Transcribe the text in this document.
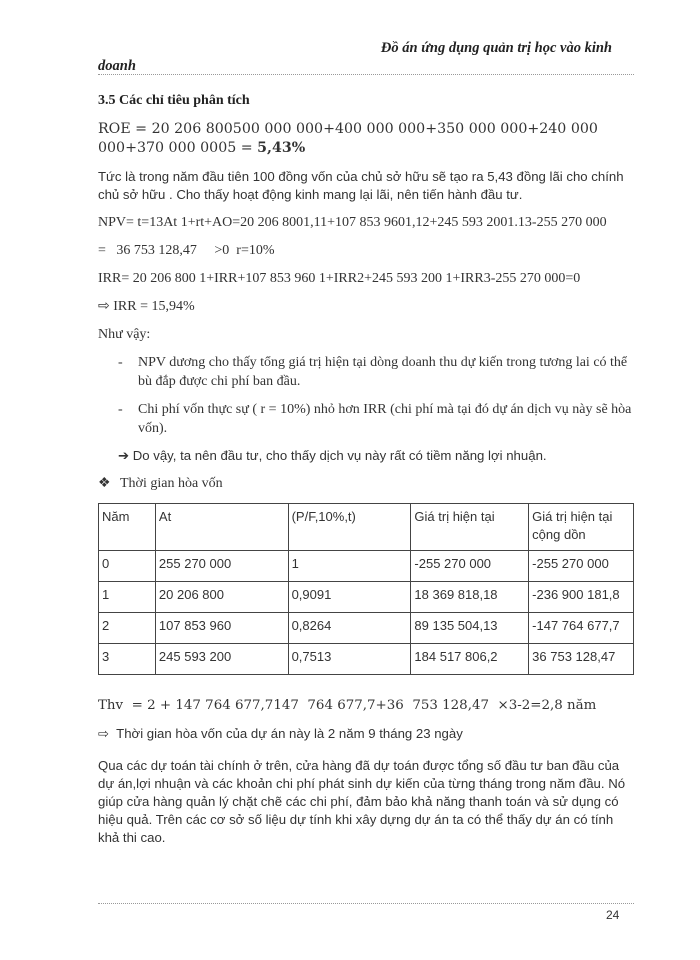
Đồ án ứng dụng quản trị học vào kinh
doanh
3.5 Các chỉ tiêu phân tích
ROE = 20 206 800500 000 000+400 000 000+350 000 000+240 000 000+370 000 0005 = 5,43%

Tức là trong năm đầu tiên 100 đồng vốn của chủ sở hữu sẽ tạo ra 5,43 đồng lãi cho chính chủ sở hữu . Cho thấy hoạt động kinh mang lại lãi, nên tiến hành đầu tư.

NPV= t=13At 1+rt+AO=20 206 8001,11+107 853 9601,12+245 593 2001.13-255 270 000

=   36 753 128,47     >0  r=10%

IRR= 20 206 800 1+IRR+107 853 960 1+IRR2+245 593 200 1+IRR3-255 270 000=0

⇨ IRR = 15,94%

Như vậy:

- NPV dương cho thấy tổng giá trị hiện tại dòng doanh thu dự kiến trong tương lai có thể bù đắp được chi phí ban đầu.
- Chi phí vốn thực sự ( r = 10%) nhỏ hơn IRR (chi phí mà tại đó dự án dịch vụ này sẽ hòa vốn).

➔ Do vậy, ta nên đầu tư, cho thấy dịch vụ này rất có tiềm năng lợi nhuận.

❖ Thời gian hòa vốn
Năm	At	(P/F,10%,t)	Giá trị hiện tại	Giá trị hiện tại cộng dồn
0	255 270 000	1	-255 270 000	-255 270 000
1	20 206 800	0,9091	18 369 818,18	-236 900 181,8
2	107 853 960	0,8264	89 135 504,13	-147 764 677,7
3	245 593 200	0,7513	184 517 806,2	36 753 128,47
Thv  = 2 + 147 764 677,7147  764 677,7+36  753 128,47  ×3-2=2,8 năm

⇨ Thời gian hòa vốn của dự án này là 2 năm 9 tháng 23 ngày

Qua các dự toán tài chính ở trên, cửa hàng đã dự toán được tổng số đầu tư ban đầu của dự án,lợi nhuận và các khoản chi phí phát sinh dự kiến của từng tháng trong năm đầu. Nó giúp cửa hàng quản lý chặt chẽ các chi phí, đảm bảo khả năng thanh toán và sử dụng có hiệu quả. Trên các cơ sở số liệu dự tính khi xây dựng dự án ta có thể thấy dự án có tính khả thi cao.

24
